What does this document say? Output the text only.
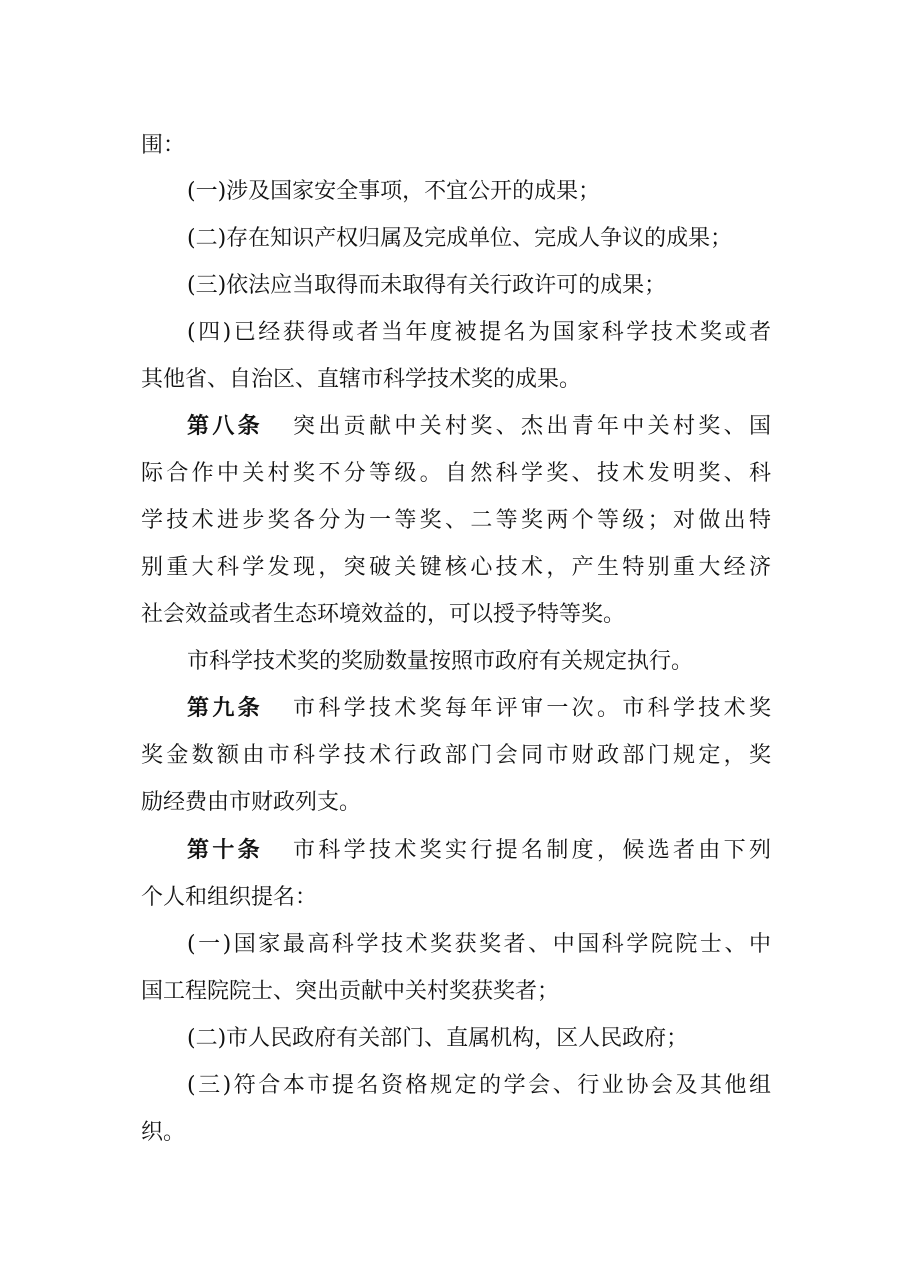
围：
(一)涉及国家安全事项，不宜公开的成果；
(二)存在知识产权归属及完成单位、完成人争议的成果；
(三)依法应当取得而未取得有关行政许可的成果；
(四)已经获得或者当年度被提名为国家科学技术奖或者
其他省、自治区、直辖市科学技术奖的成果。
第八条 突出贡献中关村奖、杰出青年中关村奖、国
际合作中关村奖不分等级。自然科学奖、技术发明奖、科
学技术进步奖各分为一等奖、二等奖两个等级；对做出特
别重大科学发现，突破关键核心技术，产生特别重大经济
社会效益或者生态环境效益的，可以授予特等奖。
市科学技术奖的奖励数量按照市政府有关规定执行。
第九条 市科学技术奖每年评审一次。市科学技术奖
奖金数额由市科学技术行政部门会同市财政部门规定，奖
励经费由市财政列支。
第十条 市科学技术奖实行提名制度，候选者由下列
个人和组织提名：
(一)国家最高科学技术奖获奖者、中国科学院院士、中
国工程院院士、突出贡献中关村奖获奖者；
(二)市人民政府有关部门、直属机构，区人民政府；
(三)符合本市提名资格规定的学会、行业协会及其他组
织。
